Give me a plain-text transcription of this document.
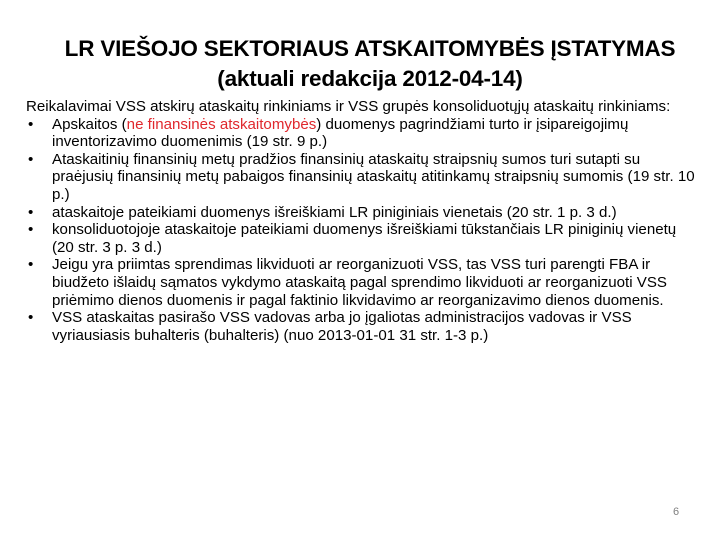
LR VIEŠOJO SEKTORIAUS ATSKAITOMYBĖS ĮSTATYMAS
(aktuali redakcija 2012-04-14)

Reikalavimai VSS atskirų ataskaitų rinkiniams ir VSS grupės konsoliduotųjų ataskaitų rinkiniams:

•	Apskaitos (ne finansinės atskaitomybės) duomenys pagrindžiami turto ir įsipareigojimų inventorizavimo duomenimis (19 str. 9 p.)
•	Ataskaitinių finansinių metų pradžios finansinių ataskaitų straipsnių sumos turi sutapti su praėjusių finansinių metų pabaigos finansinių ataskaitų atitinkamų straipsnių sumomis (19 str. 10 p.)
•	ataskaitoje pateikiami duomenys išreiškiami LR piniginiais vienetais (20 str. 1 p. 3 d.)
•	konsoliduotojoje ataskaitoje pateikiami duomenys išreiškiami tūkstančiais LR piniginių vienetų (20 str. 3 p. 3 d.)
•	Jeigu yra priimtas sprendimas likviduoti ar reorganizuoti VSS, tas VSS turi parengti FBA ir biudžeto išlaidų sąmatos vykdymo ataskaitą pagal sprendimo likviduoti ar reorganizuoti VSS priėmimo dienos duomenis ir pagal faktinio likvidavimo ar reorganizavimo dienos duomenis.
•	VSS ataskaitas pasirašo VSS vadovas arba jo įgaliotas administracijos vadovas ir VSS vyriausiasis buhalteris (buhalteris) (nuo 2013-01-01 31 str. 1-3 p.)
6
